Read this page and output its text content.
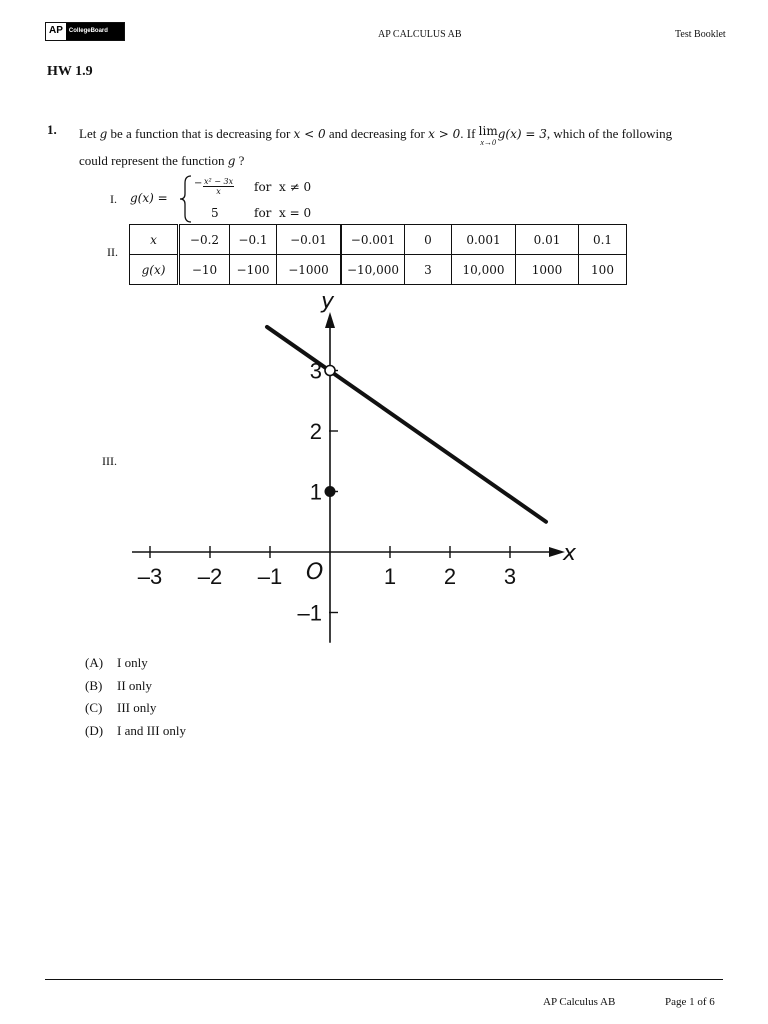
AP	CollegeBoard	AP CALCULUS AB	Test Booklet
HW 1.9
1. Let g be a function that is decreasing for x < 0 and decreasing for x > 0. If lim
x→0
g(x) = 3, which of the following
could represent the function g ?
I. g(x) =
− $\frac{\text{x² − 3x}}{x}$ for  x ≠ 0
5	for  x = 0
II.
x	−0.2	−0.1	−0.01	−0.001	0	0.001	0.01	0.1
g(x)	−10	−100	−1000	−10,000	3	10,000	1000	100
III.
x
y
O
–3 –2 –1	1 2 3
–1
1
2
3
(A) I only
(B) II only
(C) III only
(D) I and III only
AP Calculus AB	Page 1 of 6
